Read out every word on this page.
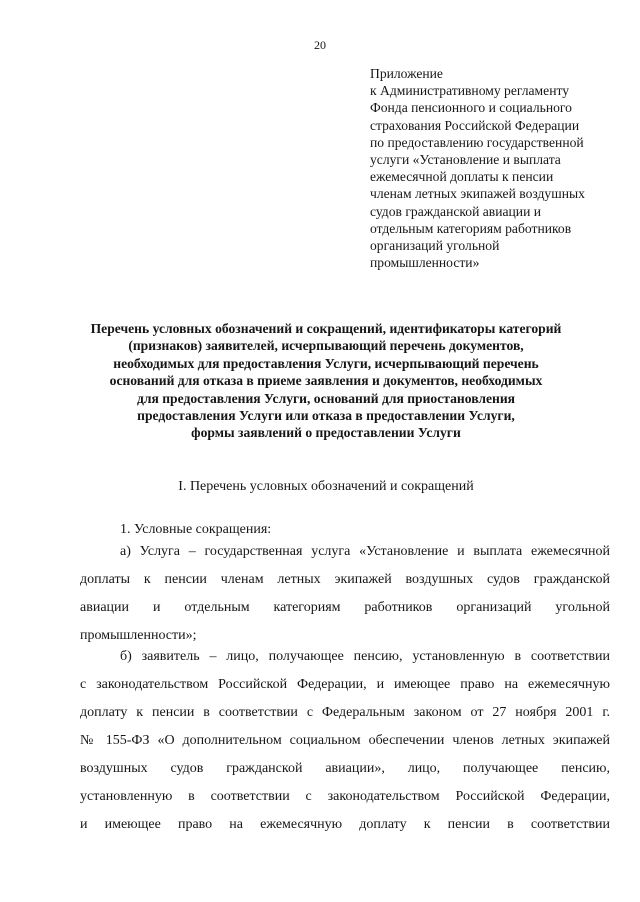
20
Приложение
к Административному регламенту
Фонда пенсионного и социального
страхования Российской Федерации
по предоставлению государственной
услуги «Установление и выплата
ежемесячной доплаты к пенсии
членам летных экипажей воздушных
судов гражданской авиации и
отдельным категориям работников
организаций угольной
промышленности»
Перечень условных обозначений и сокращений, идентификаторы категорий
(признаков) заявителей, исчерпывающий перечень документов,
необходимых для предоставления Услуги, исчерпывающий перечень
оснований для отказа в приеме заявления и документов, необходимых
для предоставления Услуги, оснований для приостановления
предоставления Услуги или отказа в предоставлении Услуги,
формы заявлений о предоставлении Услуги
I. Перечень условных обозначений и сокращений
1. Условные сокращения:
а) Услуга – государственная услуга «Установление и выплата ежемесячной
доплаты к пенсии членам летных экипажей воздушных судов гражданской
авиации и отдельным категориям работников организаций угольной
промышленности»;
б) заявитель – лицо, получающее пенсию, установленную в соответствии
с законодательством Российской Федерации, и имеющее право на ежемесячную
доплату к пенсии в соответствии с Федеральным законом от 27 ноября 2001 г.
№ 155-ФЗ «О дополнительном социальном обеспечении членов летных экипажей
воздушных судов гражданской авиации», лицо, получающее пенсию,
установленную в соответствии с законодательством Российской Федерации,
и имеющее право на ежемесячную доплату к пенсии в соответствии
